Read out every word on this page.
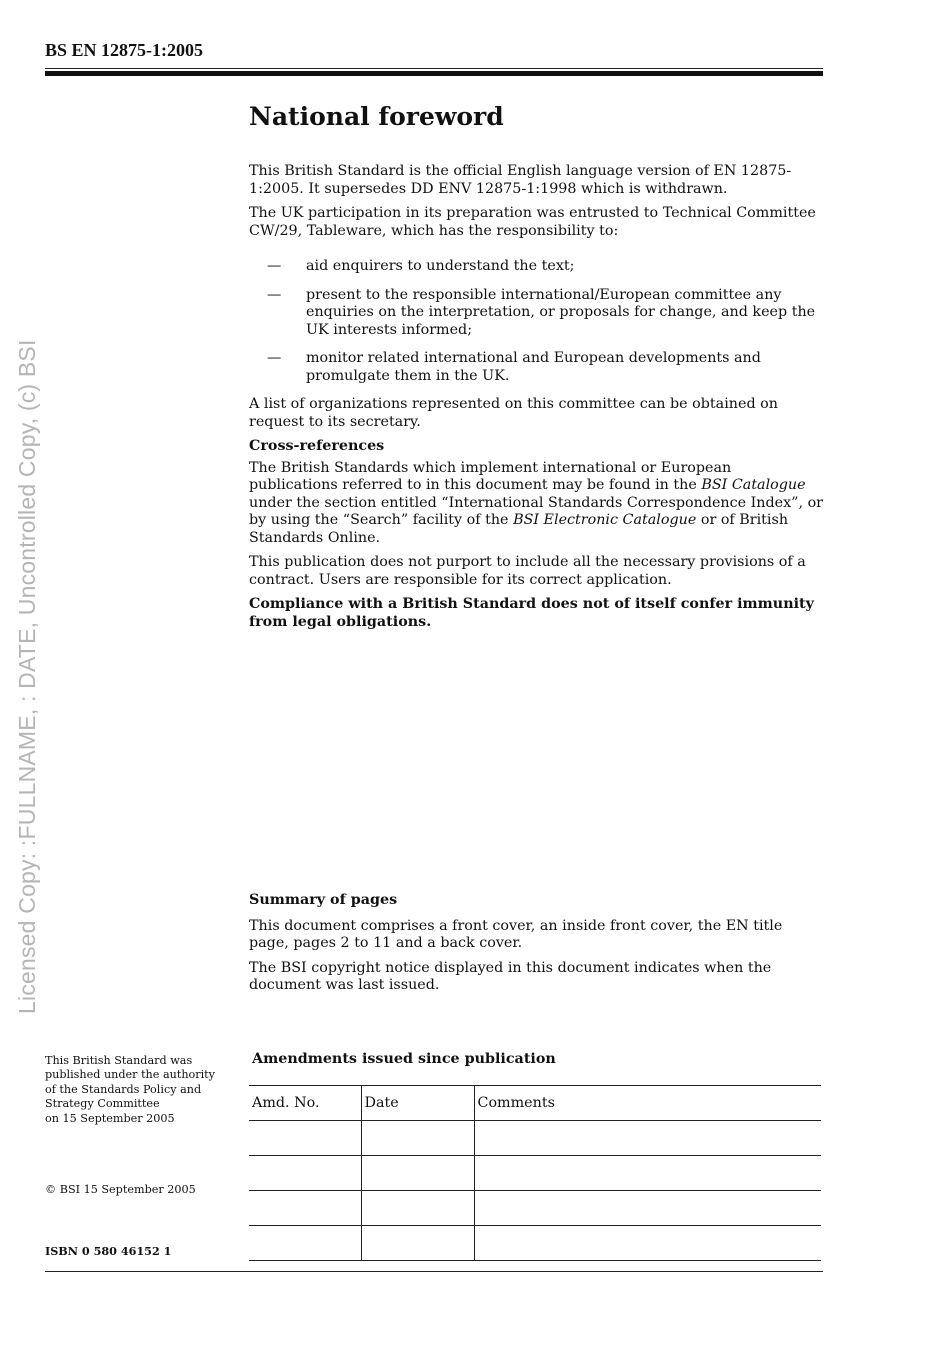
BS EN 12875-1:2005
Licensed Copy: :FULLNAME, : DATE, Uncontrolled Copy, (c) BSI
National foreword

This British Standard is the official English language version of EN 12875-1:2005. It supersedes DD ENV 12875-1:1998 which is withdrawn.

The UK participation in its preparation was entrusted to Technical Committee CW/29, Tableware, which has the responsibility to:

— aid enquirers to understand the text;
— present to the responsible international/European committee any enquiries on the interpretation, or proposals for change, and keep the UK interests informed;
— monitor related international and European developments and promulgate them in the UK.

A list of organizations represented on this committee can be obtained on request to its secretary.

Cross-references

The British Standards which implement international or European publications referred to in this document may be found in the BSI Catalogue under the section entitled “International Standards Correspondence Index”, or by using the “Search” facility of the BSI Electronic Catalogue or of British Standards Online.

This publication does not purport to include all the necessary provisions of a contract. Users are responsible for its correct application.

Compliance with a British Standard does not of itself confer immunity from legal obligations.

Summary of pages

This document comprises a front cover, an inside front cover, the EN title page, pages 2 to 11 and a back cover.

The BSI copyright notice displayed in this document indicates when the document was last issued.

This British Standard was
published under the authority
of the Standards Policy and
Strategy Committee
on 15 September 2005
© BSI 15 September 2005
ISBN 0 580 46152 1
Amendments issued since publication
Amd. No.	Date	Comments
